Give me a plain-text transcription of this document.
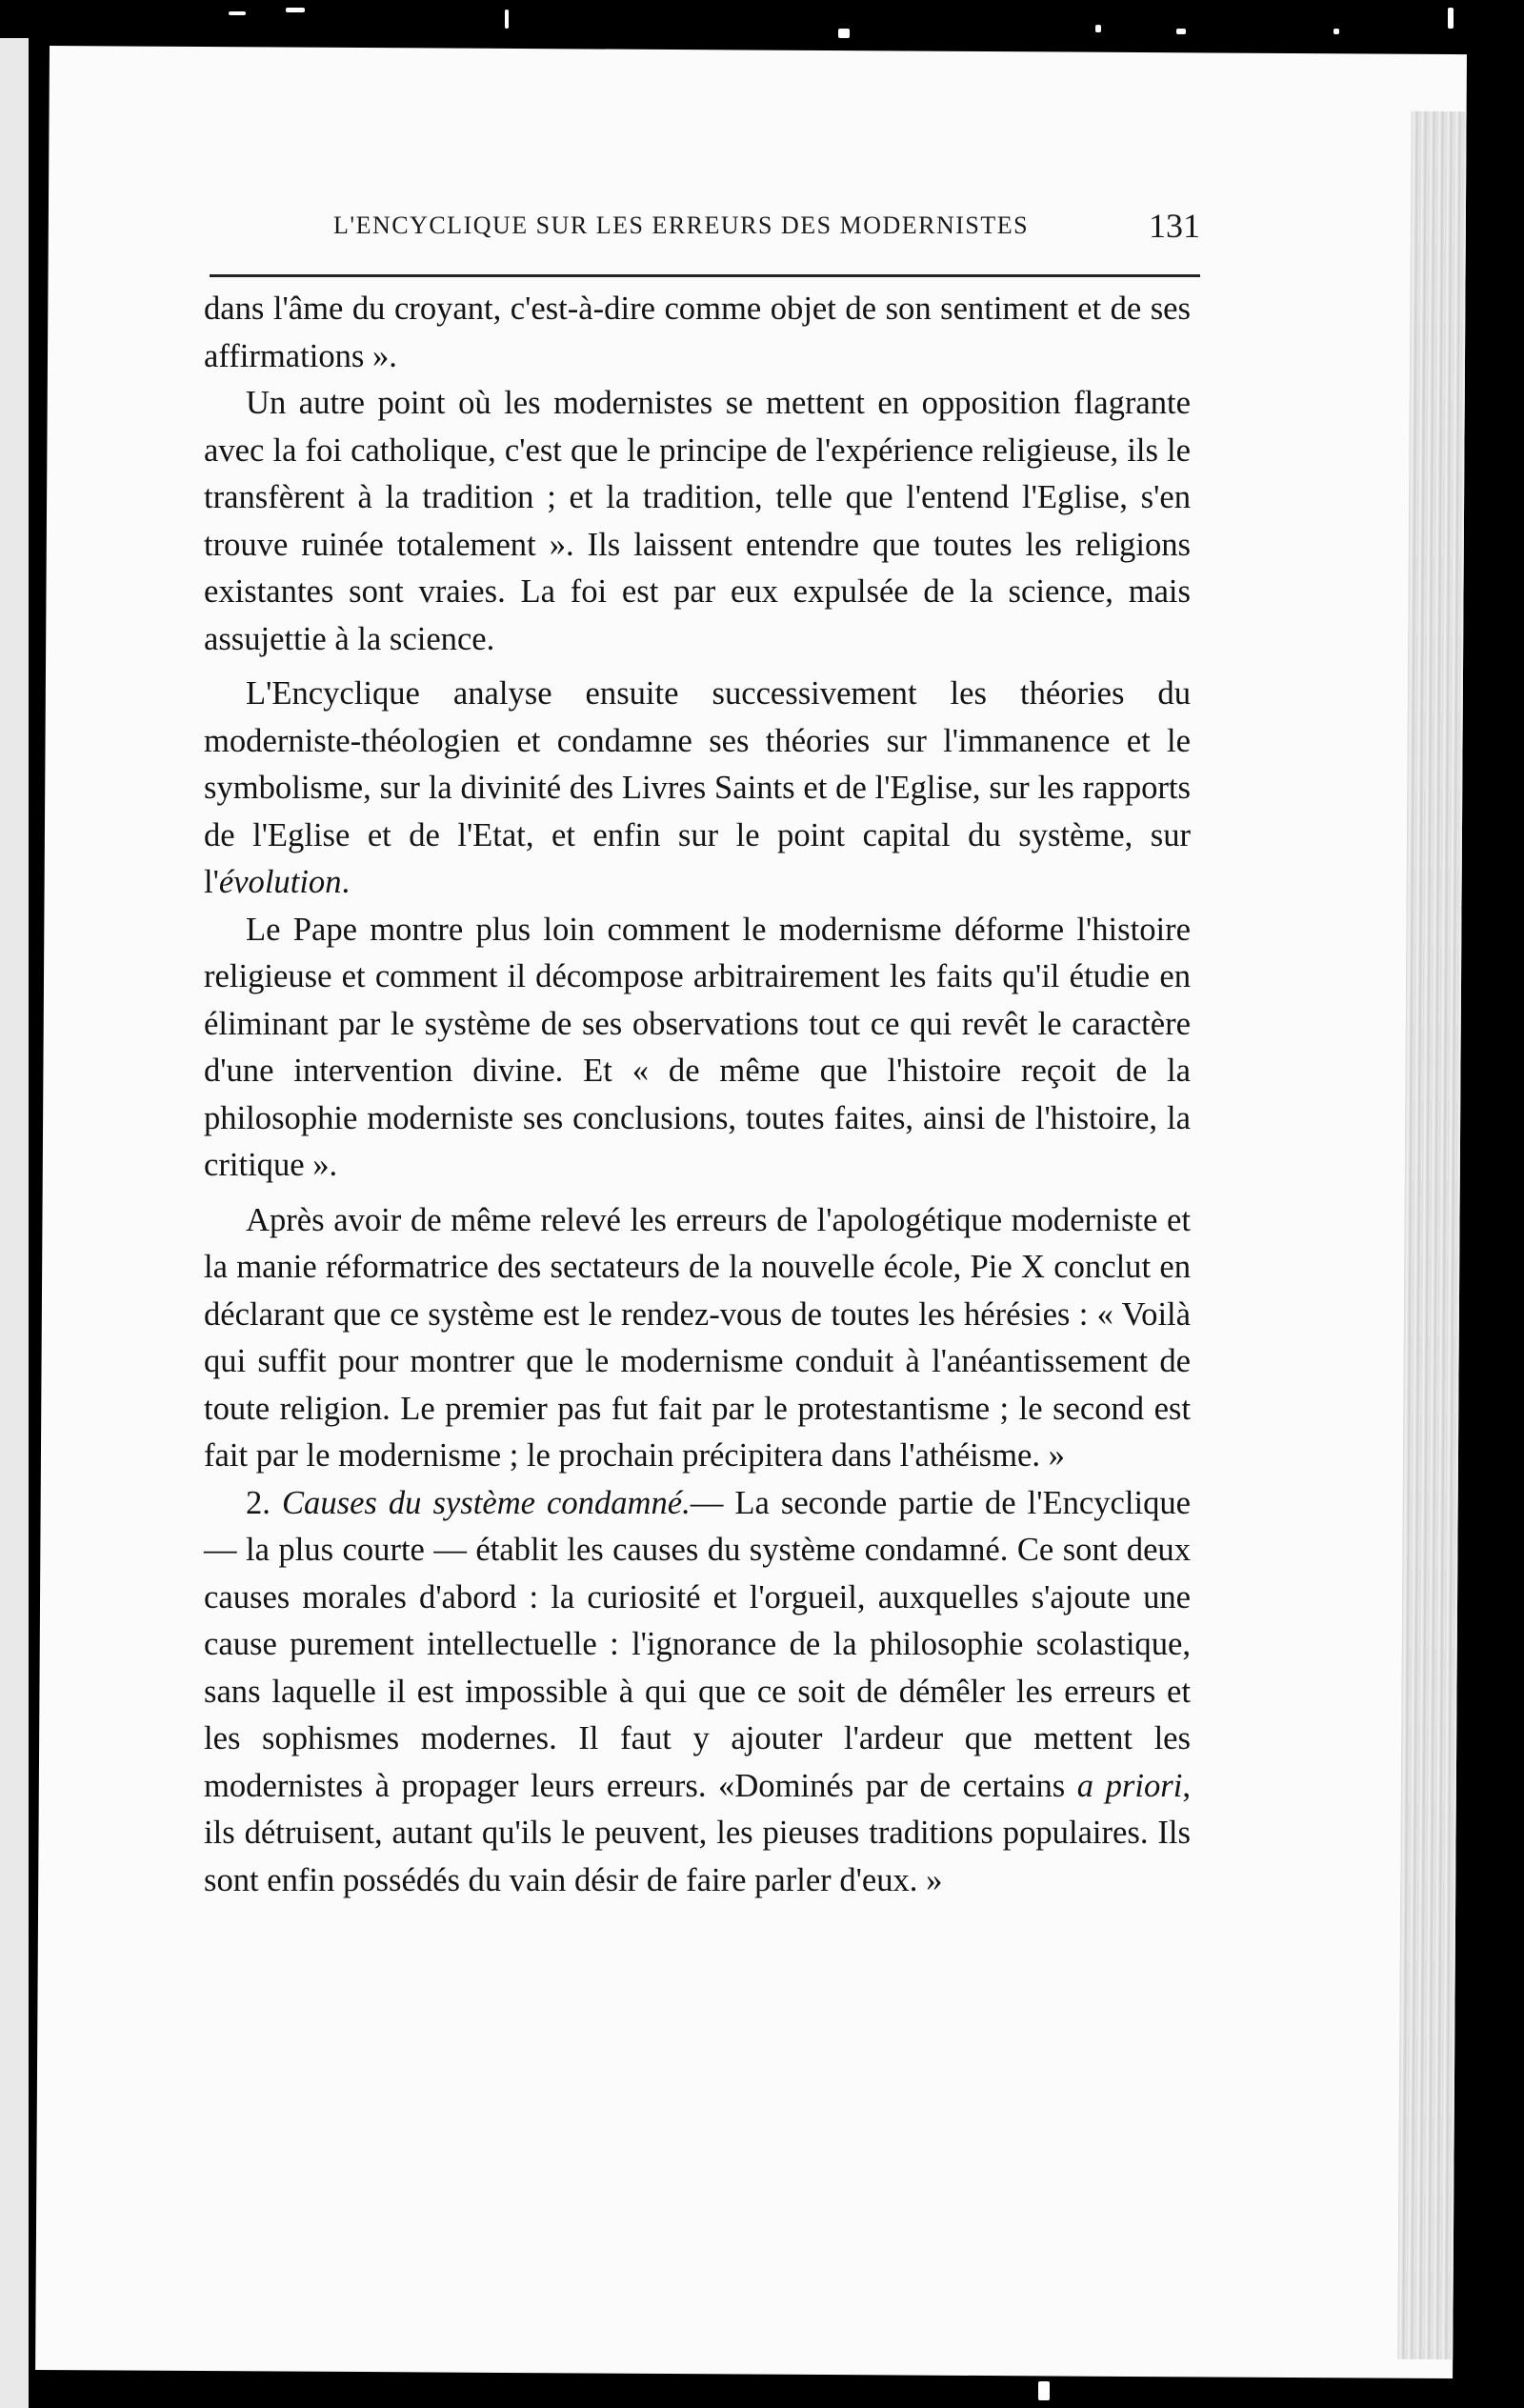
L'ENCYCLIQUE SUR LES ERREURS DES MODERNISTES	131

dans l'âme du croyant, c'est-à-dire comme objet de son sentiment et de ses affirmations ».

Un autre point où les modernistes se mettent en opposition flagrante avec la foi catholique, c'est que le principe de l'expérience religieuse, ils le transfèrent à la tradition ; et la tradition, telle que l'entend l'Eglise, s'en trouve ruinée totalement ». Ils laissent entendre que toutes les religions existantes sont vraies. La foi est par eux expulsée de la science, mais assujettie à la science.

L'Encyclique analyse ensuite successivement les théories du moderniste-théologien et condamne ses théories sur l'immanence et le symbolisme, sur la divinité des Livres Saints et de l'Eglise, sur les rapports de l'Eglise et de l'Etat, et enfin sur le point capital du système, sur l'évolution.

Le Pape montre plus loin comment le modernisme déforme l'histoire religieuse et comment il décompose arbitrairement les faits qu'il étudie en éliminant par le système de ses observations tout ce qui revêt le caractère d'une intervention divine. Et « de même que l'histoire reçoit de la philosophie moderniste ses conclusions, toutes faites, ainsi de l'histoire, la critique ».

Après avoir de même relevé les erreurs de l'apologétique moderniste et la manie réformatrice des sectateurs de la nouvelle école, Pie X conclut en déclarant que ce système est le rendez-vous de toutes les hérésies : « Voilà qui suffit pour montrer que le modernisme conduit à l'anéantissement de toute religion. Le premier pas fut fait par le protestantisme ; le second est fait par le modernisme ; le prochain précipitera dans l'athéisme. »

2. Causes du système condamné.— La seconde partie de l'Encyclique — la plus courte — établit les causes du système condamné. Ce sont deux causes morales d'abord : la curiosité et l'orgueil, auxquelles s'ajoute une cause purement intellectuelle : l'ignorance de la philosophie scolastique, sans laquelle il est impossible à qui que ce soit de démêler les erreurs et les sophismes modernes. Il faut y ajouter l'ardeur que mettent les modernistes à propager leurs erreurs. «Dominés par de certains a priori, ils détruisent, autant qu'ils le peuvent, les pieuses traditions populaires. Ils sont enfin possédés du vain désir de faire parler d'eux. »
